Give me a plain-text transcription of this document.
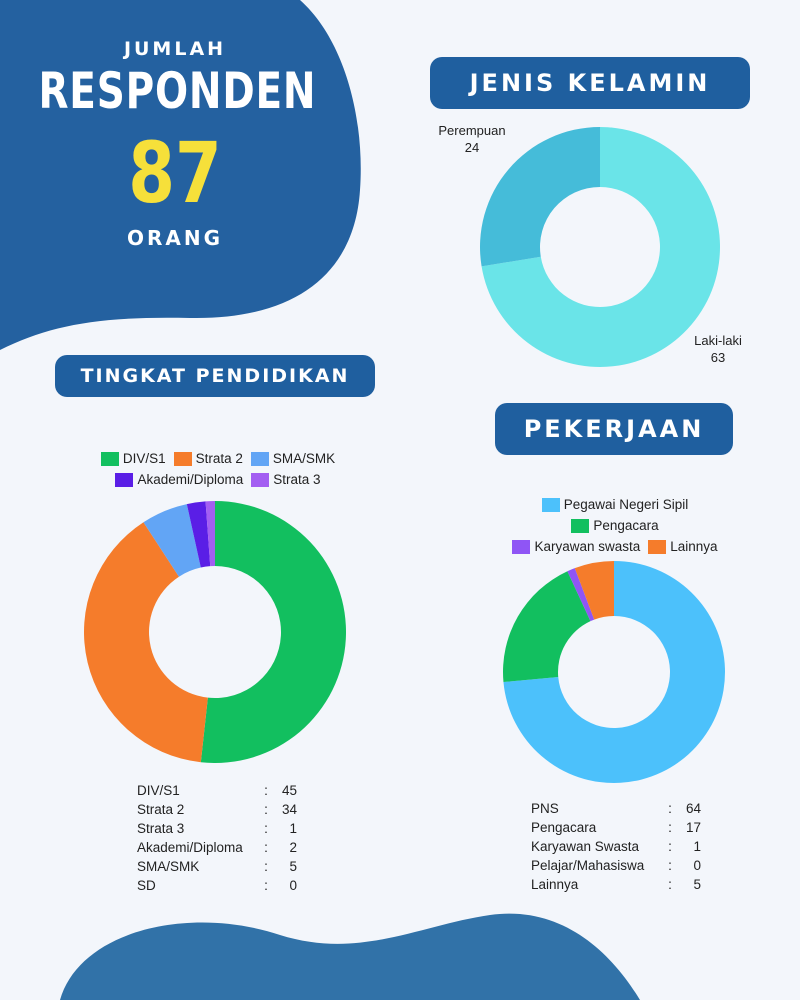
JUMLAH
RESPONDEN
87
ORANG
JENIS KELAMIN
TINGKAT PENDIDIKAN
PEKERJAAN
Perempuan
24
Laki-laki
63
DIV/S1 Strata 2 SMA/SMK
Akademi/Diploma Strata 3
Pegawai Negeri Sipil
Pengacara
Karyawan swasta Lainnya
DIV/S1	:	45
Strata 2	:	34
Strata 3	:	1
Akademi/Diploma	:	2
SMA/SMK	:	5
SD	:	0
PNS	:	64
Pengacara	:	17
Karyawan Swasta	:	1
Pelajar/Mahasiswa	:	0
Lainnya	:	5
